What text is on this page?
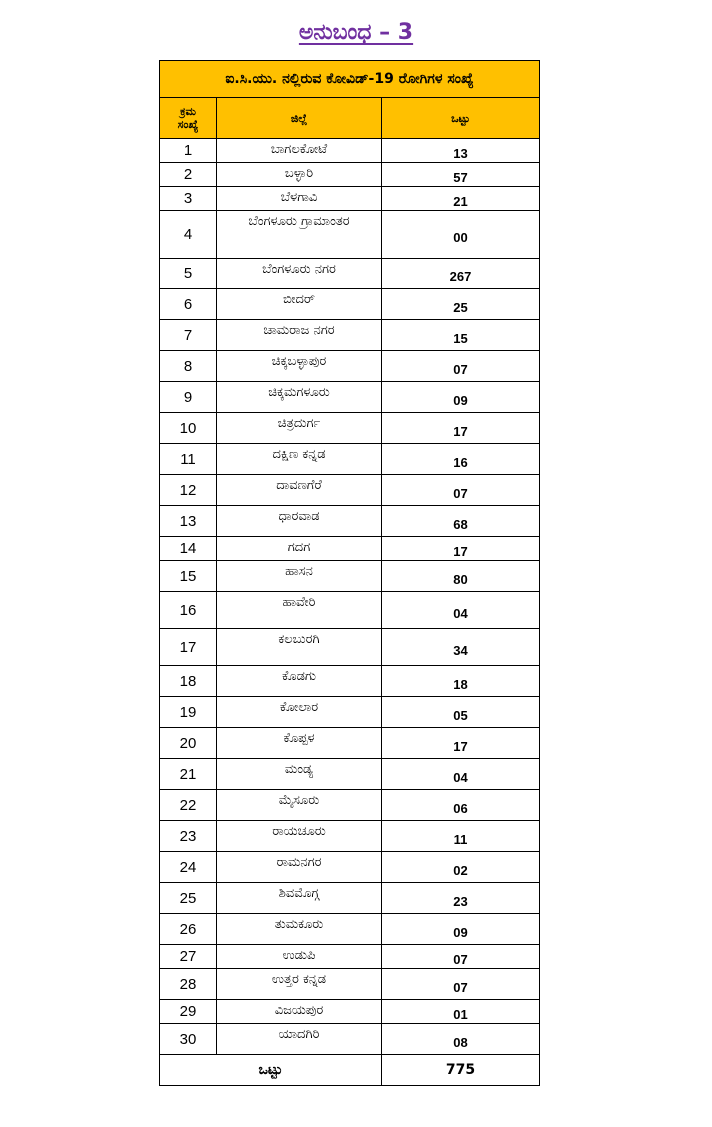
ಅನುಬಂಧ – 3
ಐ.ಸಿ.ಯು. ನಲ್ಲಿರುವ ಕೋವಿಡ್-19 ರೋಗಿಗಳ ಸಂಖ್ಯೆ		
ಕ್ರಮ
ಸಂಖ್ಯೆ	ಜಿಲ್ಲೆ	ಒಟ್ಟು
1	ಬಾಗಲಕೋಟೆ	13
2	ಬಳ್ಳಾರಿ	57
3	ಬೆಳಗಾವಿ	21
4	ಬೆಂಗಳೂರು ಗ್ರಾಮಾಂತರ	00
5	ಬೆಂಗಳೂರು ನಗರ	267
6	ಬೀದರ್	25
7	ಚಾಮರಾಜ ನಗರ	15
8	ಚಿಕ್ಕಬಳ್ಳಾಪುರ	07
9	ಚಿಕ್ಕಮಗಳೂರು	09
10	ಚಿತ್ರದುರ್ಗ	17
11	ದಕ್ಷಿಣ ಕನ್ನಡ	16
12	ದಾವಣಗೆರೆ	07
13	ಧಾರವಾಡ	68
14	ಗದಗ	17
15	ಹಾಸನ	80
16	ಹಾವೇರಿ	04
17	ಕಲಬುರಗಿ	34
18	ಕೊಡಗು	18
19	ಕೋಲಾರ	05
20	ಕೊಪ್ಪಳ	17
21	ಮಂಡ್ಯ	04
22	ಮೈಸೂರು	06
23	ರಾಯಚೂರು	11
24	ರಾಮನಗರ	02
25	ಶಿವಮೊಗ್ಗ	23
26	ತುಮಕೂರು	09
27	ಉಡುಪಿ	07
28	ಉತ್ತರ ಕನ್ನಡ	07
29	ವಿಜಯಪುರ	01
30	ಯಾದಗಿರಿ	08
ಒಟ್ಟು		775
